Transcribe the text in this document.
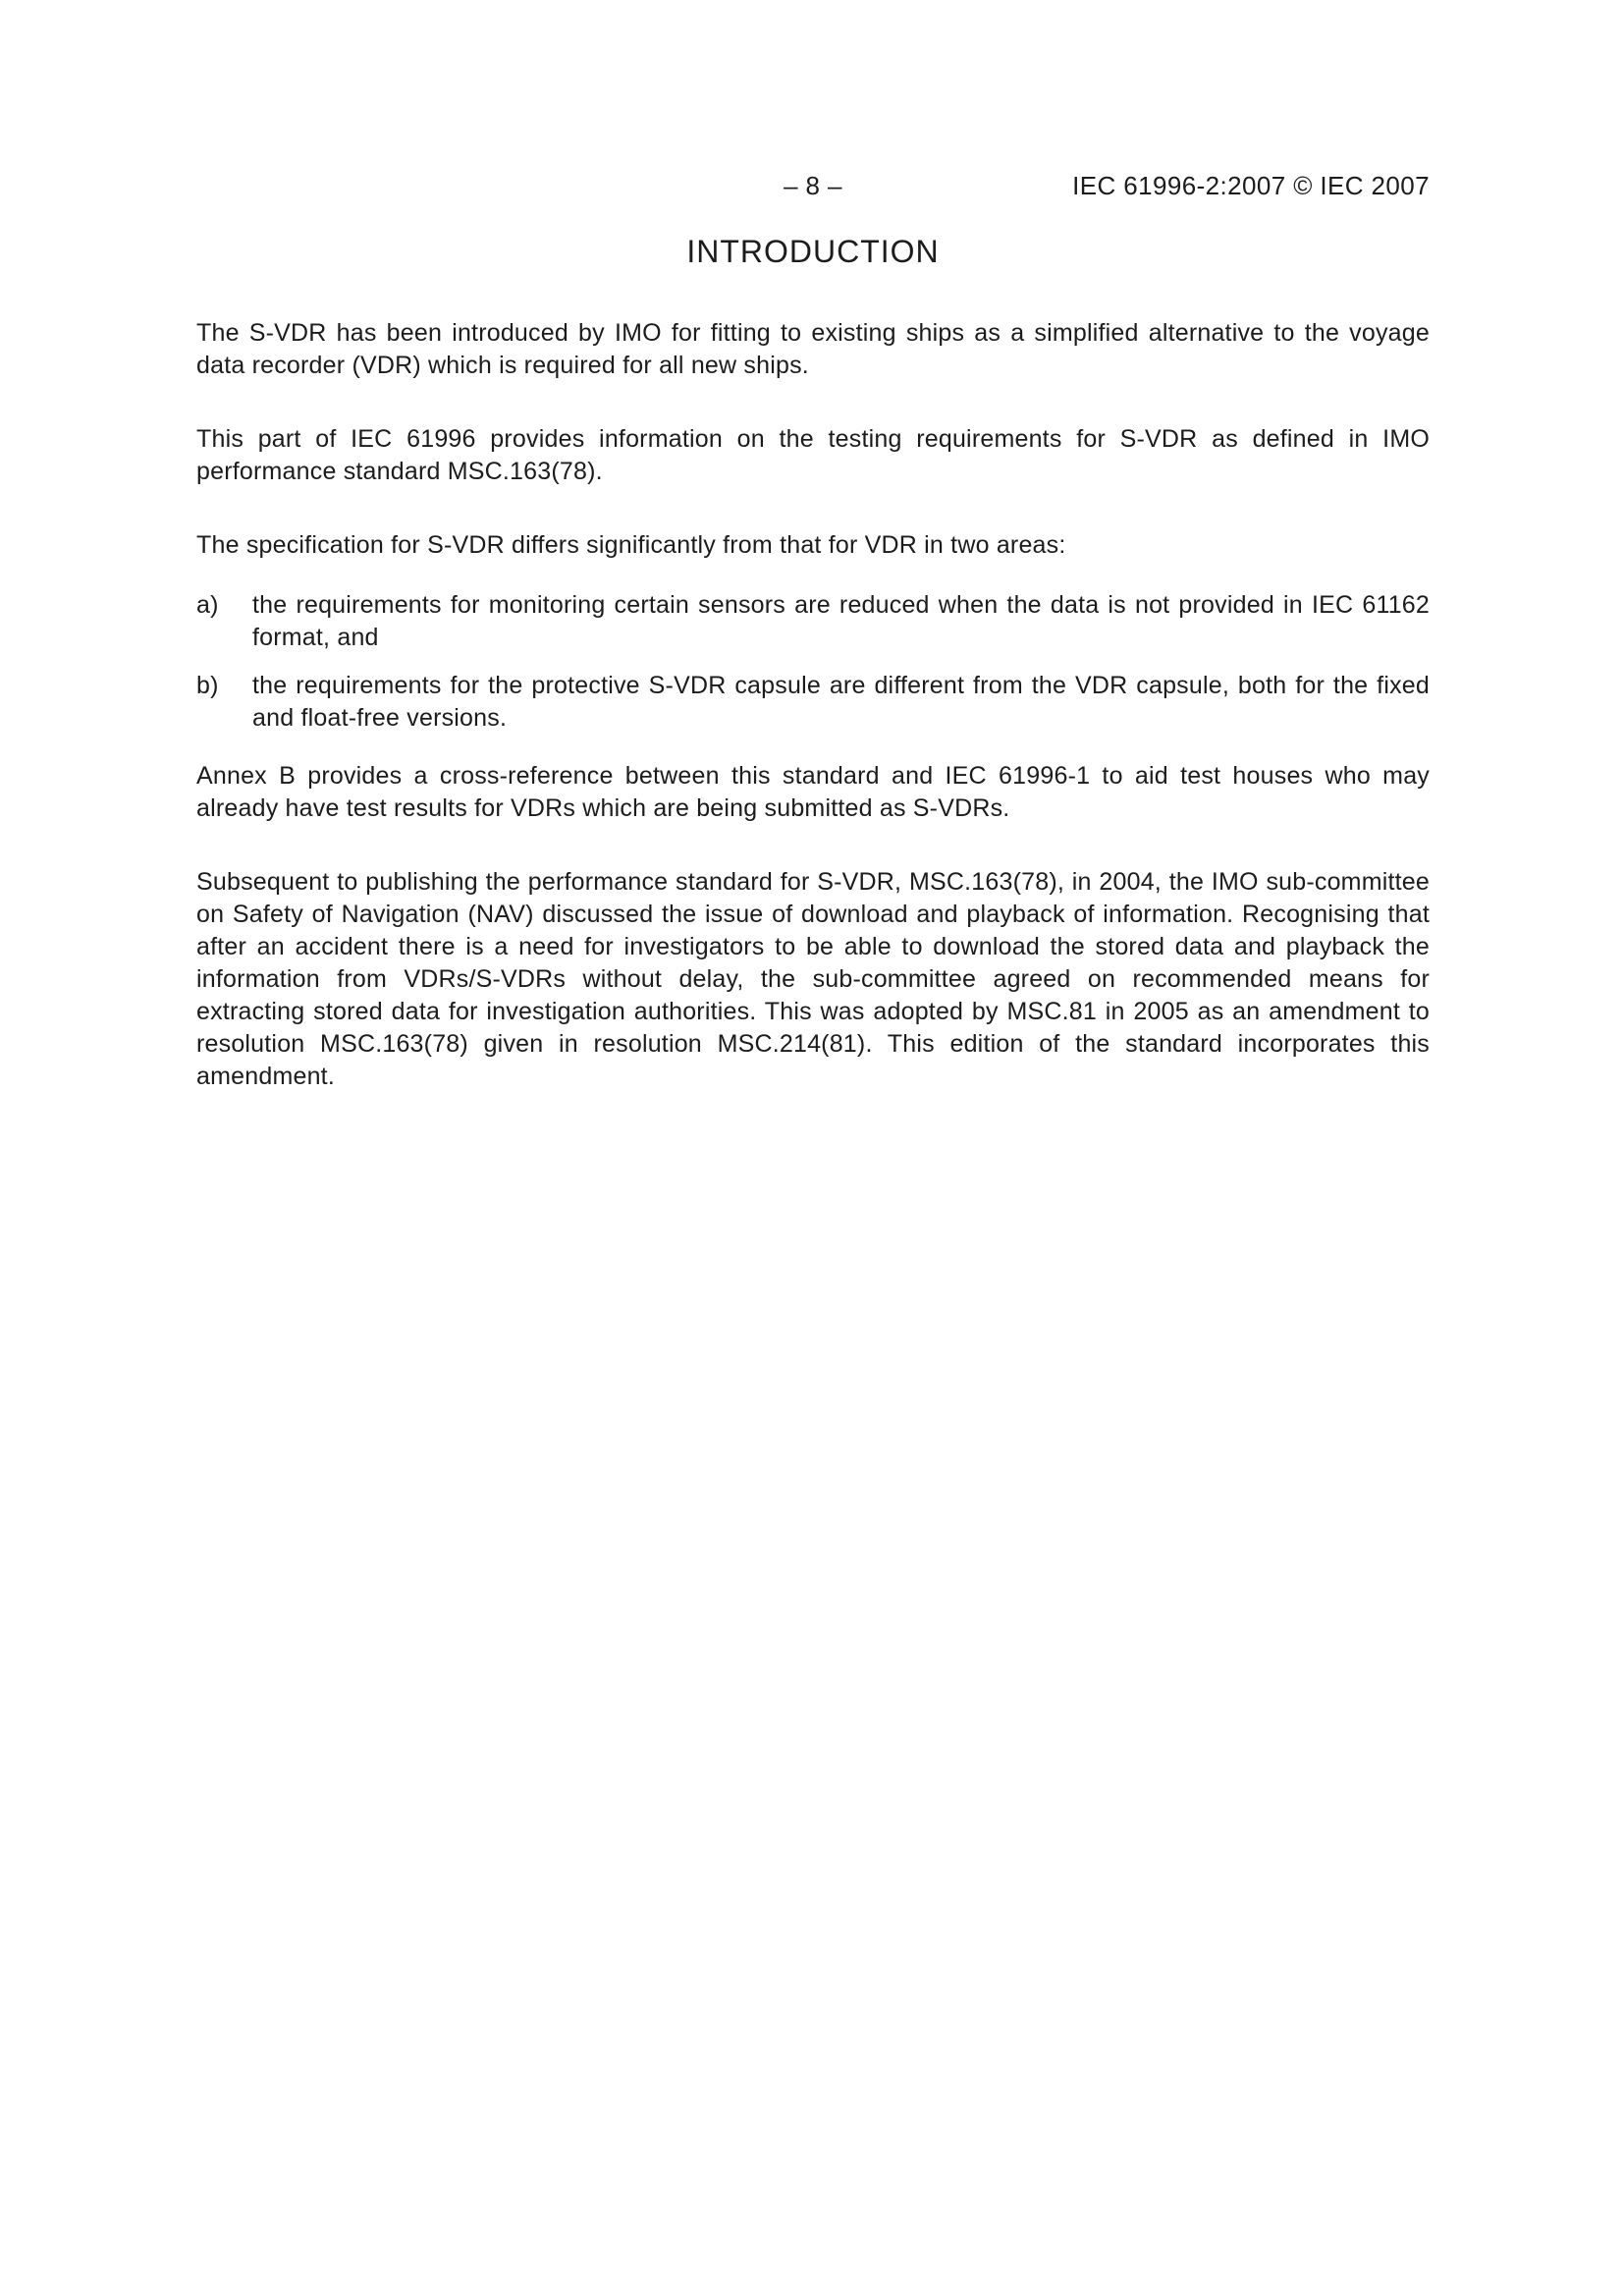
– 8 –	IEC 61996-2:2007 © IEC 2007
INTRODUCTION

The S-VDR has been introduced by IMO for fitting to existing ships as a simplified alternative to the voyage data recorder (VDR) which is required for all new ships.

This part of IEC 61996 provides information on the testing requirements for S-VDR as defined in IMO performance standard MSC.163(78).

The specification for S-VDR differs significantly from that for VDR in two areas:

a)	the requirements for monitoring certain sensors are reduced when the data is not provided in IEC 61162 format, and
b)	the requirements for the protective S-VDR capsule are different from the VDR capsule, both for the fixed and float-free versions.

Annex B provides a cross-reference between this standard and IEC 61996-1 to aid test houses who may already have test results for VDRs which are being submitted as S-VDRs.

Subsequent to publishing the performance standard for S-VDR, MSC.163(78), in 2004, the IMO sub-committee on Safety of Navigation (NAV) discussed the issue of download and playback of information. Recognising that after an accident there is a need for investigators to be able to download the stored data and playback the information from VDRs/S-VDRs without delay, the sub-committee agreed on recommended means for extracting stored data for investigation authorities. This was adopted by MSC.81 in 2005 as an amendment to resolution MSC.163(78) given in resolution MSC.214(81). This edition of the standard incorporates this amendment.
